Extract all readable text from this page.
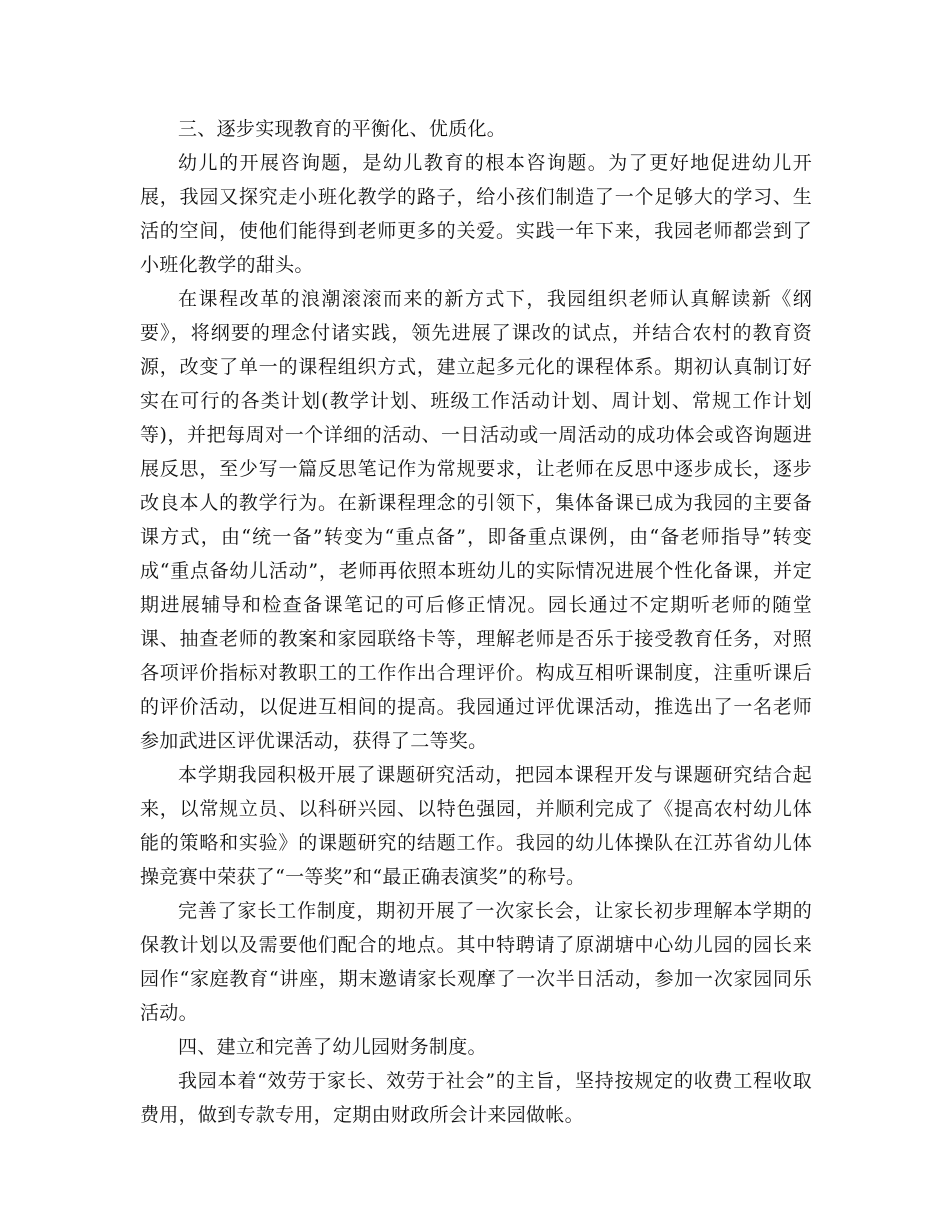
三、逐步实现教育的平衡化、优质化。

幼儿的开展咨询题，是幼儿教育的根本咨询题。为了更好地促进幼儿开展，我园又探究走小班化教学的路子，给小孩们制造了一个足够大的学习、生活的空间，使他们能得到老师更多的关爱。实践一年下来，我园老师都尝到了小班化教学的甜头。

在课程改革的浪潮滚滚而来的新方式下，我园组织老师认真解读新《纲要》，将纲要的理念付诸实践，领先进展了课改的试点，并结合农村的教育资源，改变了单一的课程组织方式，建立起多元化的课程体系。期初认真制订好实在可行的各类计划(教学计划、班级工作活动计划、周计划、常规工作计划等)，并把每周对一个详细的活动、一日活动或一周活动的成功体会或咨询题进展反思，至少写一篇反思笔记作为常规要求，让老师在反思中逐步成长，逐步改良本人的教学行为。在新课程理念的引领下，集体备课已成为我园的主要备课方式，由“统一备”转变为“重点备”，即备重点课例，由“备老师指导”转变成“重点备幼儿活动”，老师再依照本班幼儿的实际情况进展个性化备课，并定期进展辅导和检查备课笔记的可后修正情况。园长通过不定期听老师的随堂课、抽查老师的教案和家园联络卡等，理解老师是否乐于接受教育任务，对照各项评价指标对教职工的工作作出合理评价。构成互相听课制度，注重听课后的评价活动，以促进互相间的提高。我园通过评优课活动，推选出了一名老师参加武进区评优课活动，获得了二等奖。

本学期我园积极开展了课题研究活动，把园本课程开发与课题研究结合起来，以常规立员、以科研兴园、以特色强园，并顺利完成了《提高农村幼儿体能的策略和实验》的课题研究的结题工作。我园的幼儿体操队在江苏省幼儿体操竞赛中荣获了“一等奖”和“最正确表演奖”的称号。

完善了家长工作制度，期初开展了一次家长会，让家长初步理解本学期的保教计划以及需要他们配合的地点。其中特聘请了原湖塘中心幼儿园的园长来园作“家庭教育“讲座，期末邀请家长观摩了一次半日活动，参加一次家园同乐活动。

四、建立和完善了幼儿园财务制度。

我园本着“效劳于家长、效劳于社会”的主旨，坚持按规定的收费工程收取费用，做到专款专用，定期由财政所会计来园做帐。
